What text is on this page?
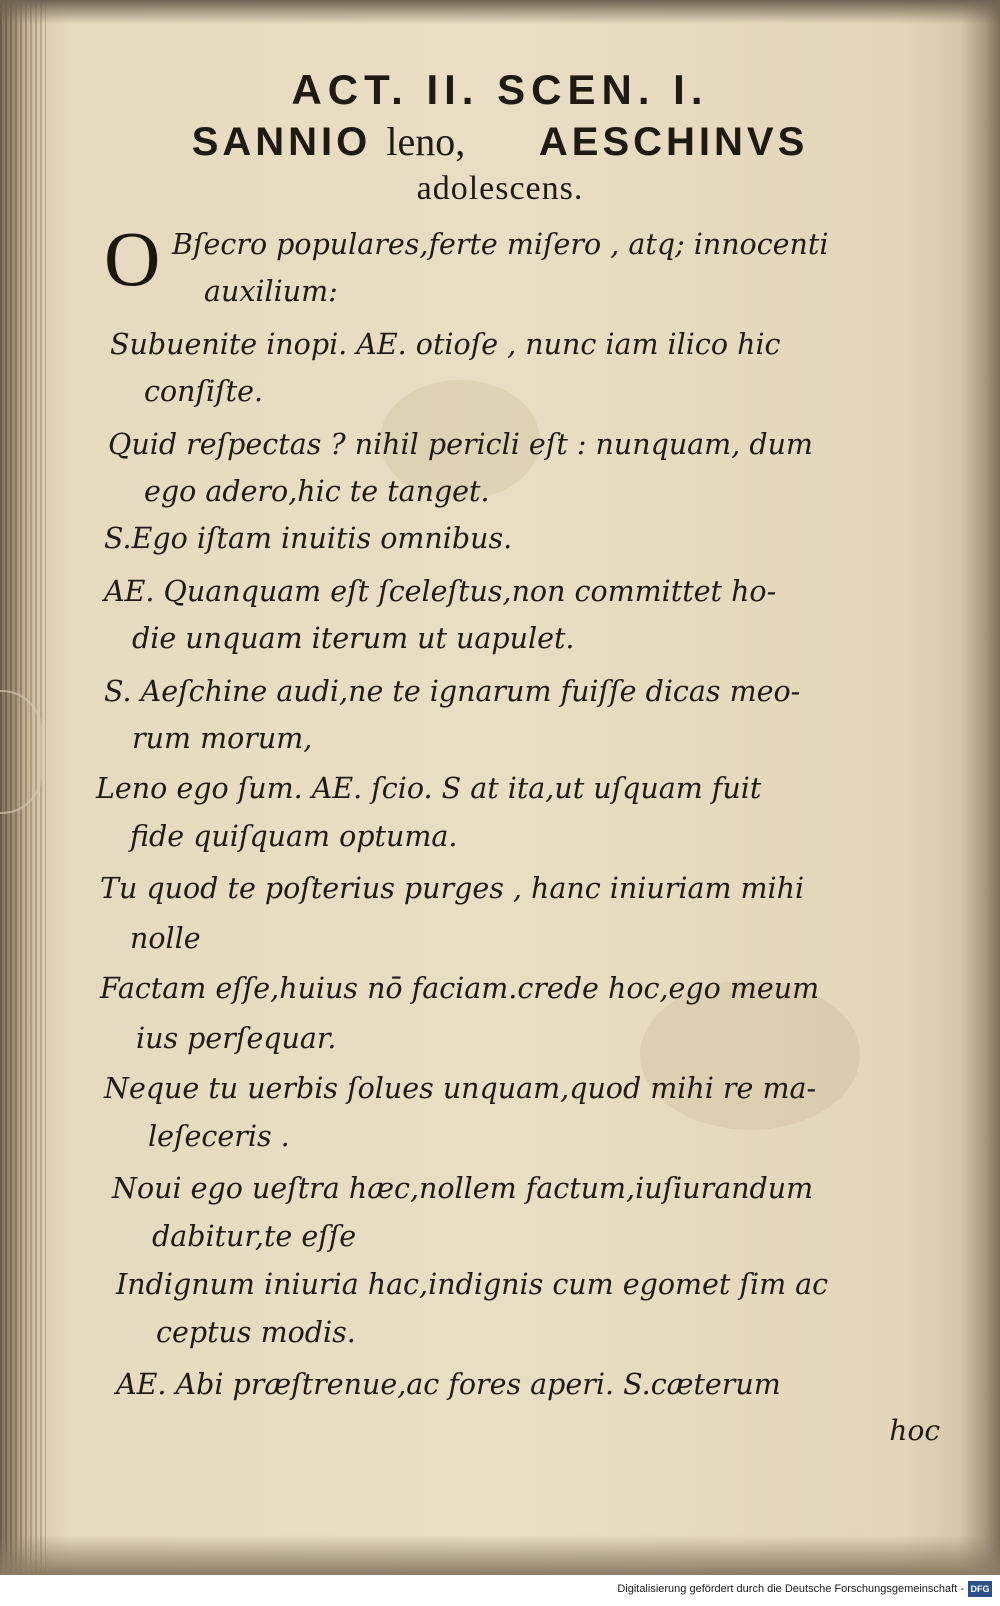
ACT. II. SCEN. I.
SANNIO leno, AESCHINVS
adolescens.
O Bſecro populares,ferte miſero , atq; innocenti
auxilium:
Subuenite inopi. AE. otioſe , nunc iam ilico hic
conſiſte.
Quid reſpectas ? nihil pericli eſt : nunquam, dum
ego adero,hic te tanget.
S.Ego iſtam inuitis omnibus.
AE. Quanquam eſt ſceleſtus,non committet ho-
die unquam iterum ut uapulet.
S. Aeſchine audi,ne te ignarum fuiſſe dicas meo-
rum morum,
Leno ego ſum. AE. ſcio. S at ita,ut uſquam fuit
fide quiſquam optuma.
Tu quod te poſterius purges , hanc iniuriam mihi
nolle
Factam eſſe,huius nō faciam.crede hoc,ego meum
ius perſequar.
Neque tu uerbis ſolues unquam,quod mihi re ma-
leſeceris .
Noui ego ueſtra hæc,nollem factum,iuſiurandum
dabitur,te eſſe
Indignum iniuria hac,indignis cum egomet ſim ac
ceptus modis.
AE. Abi præſtrenue,ac fores aperi. S.cæterum
hoc
Digitalisierung gefördert durch die Deutsche Forschungsgemeinschaft - DFG
